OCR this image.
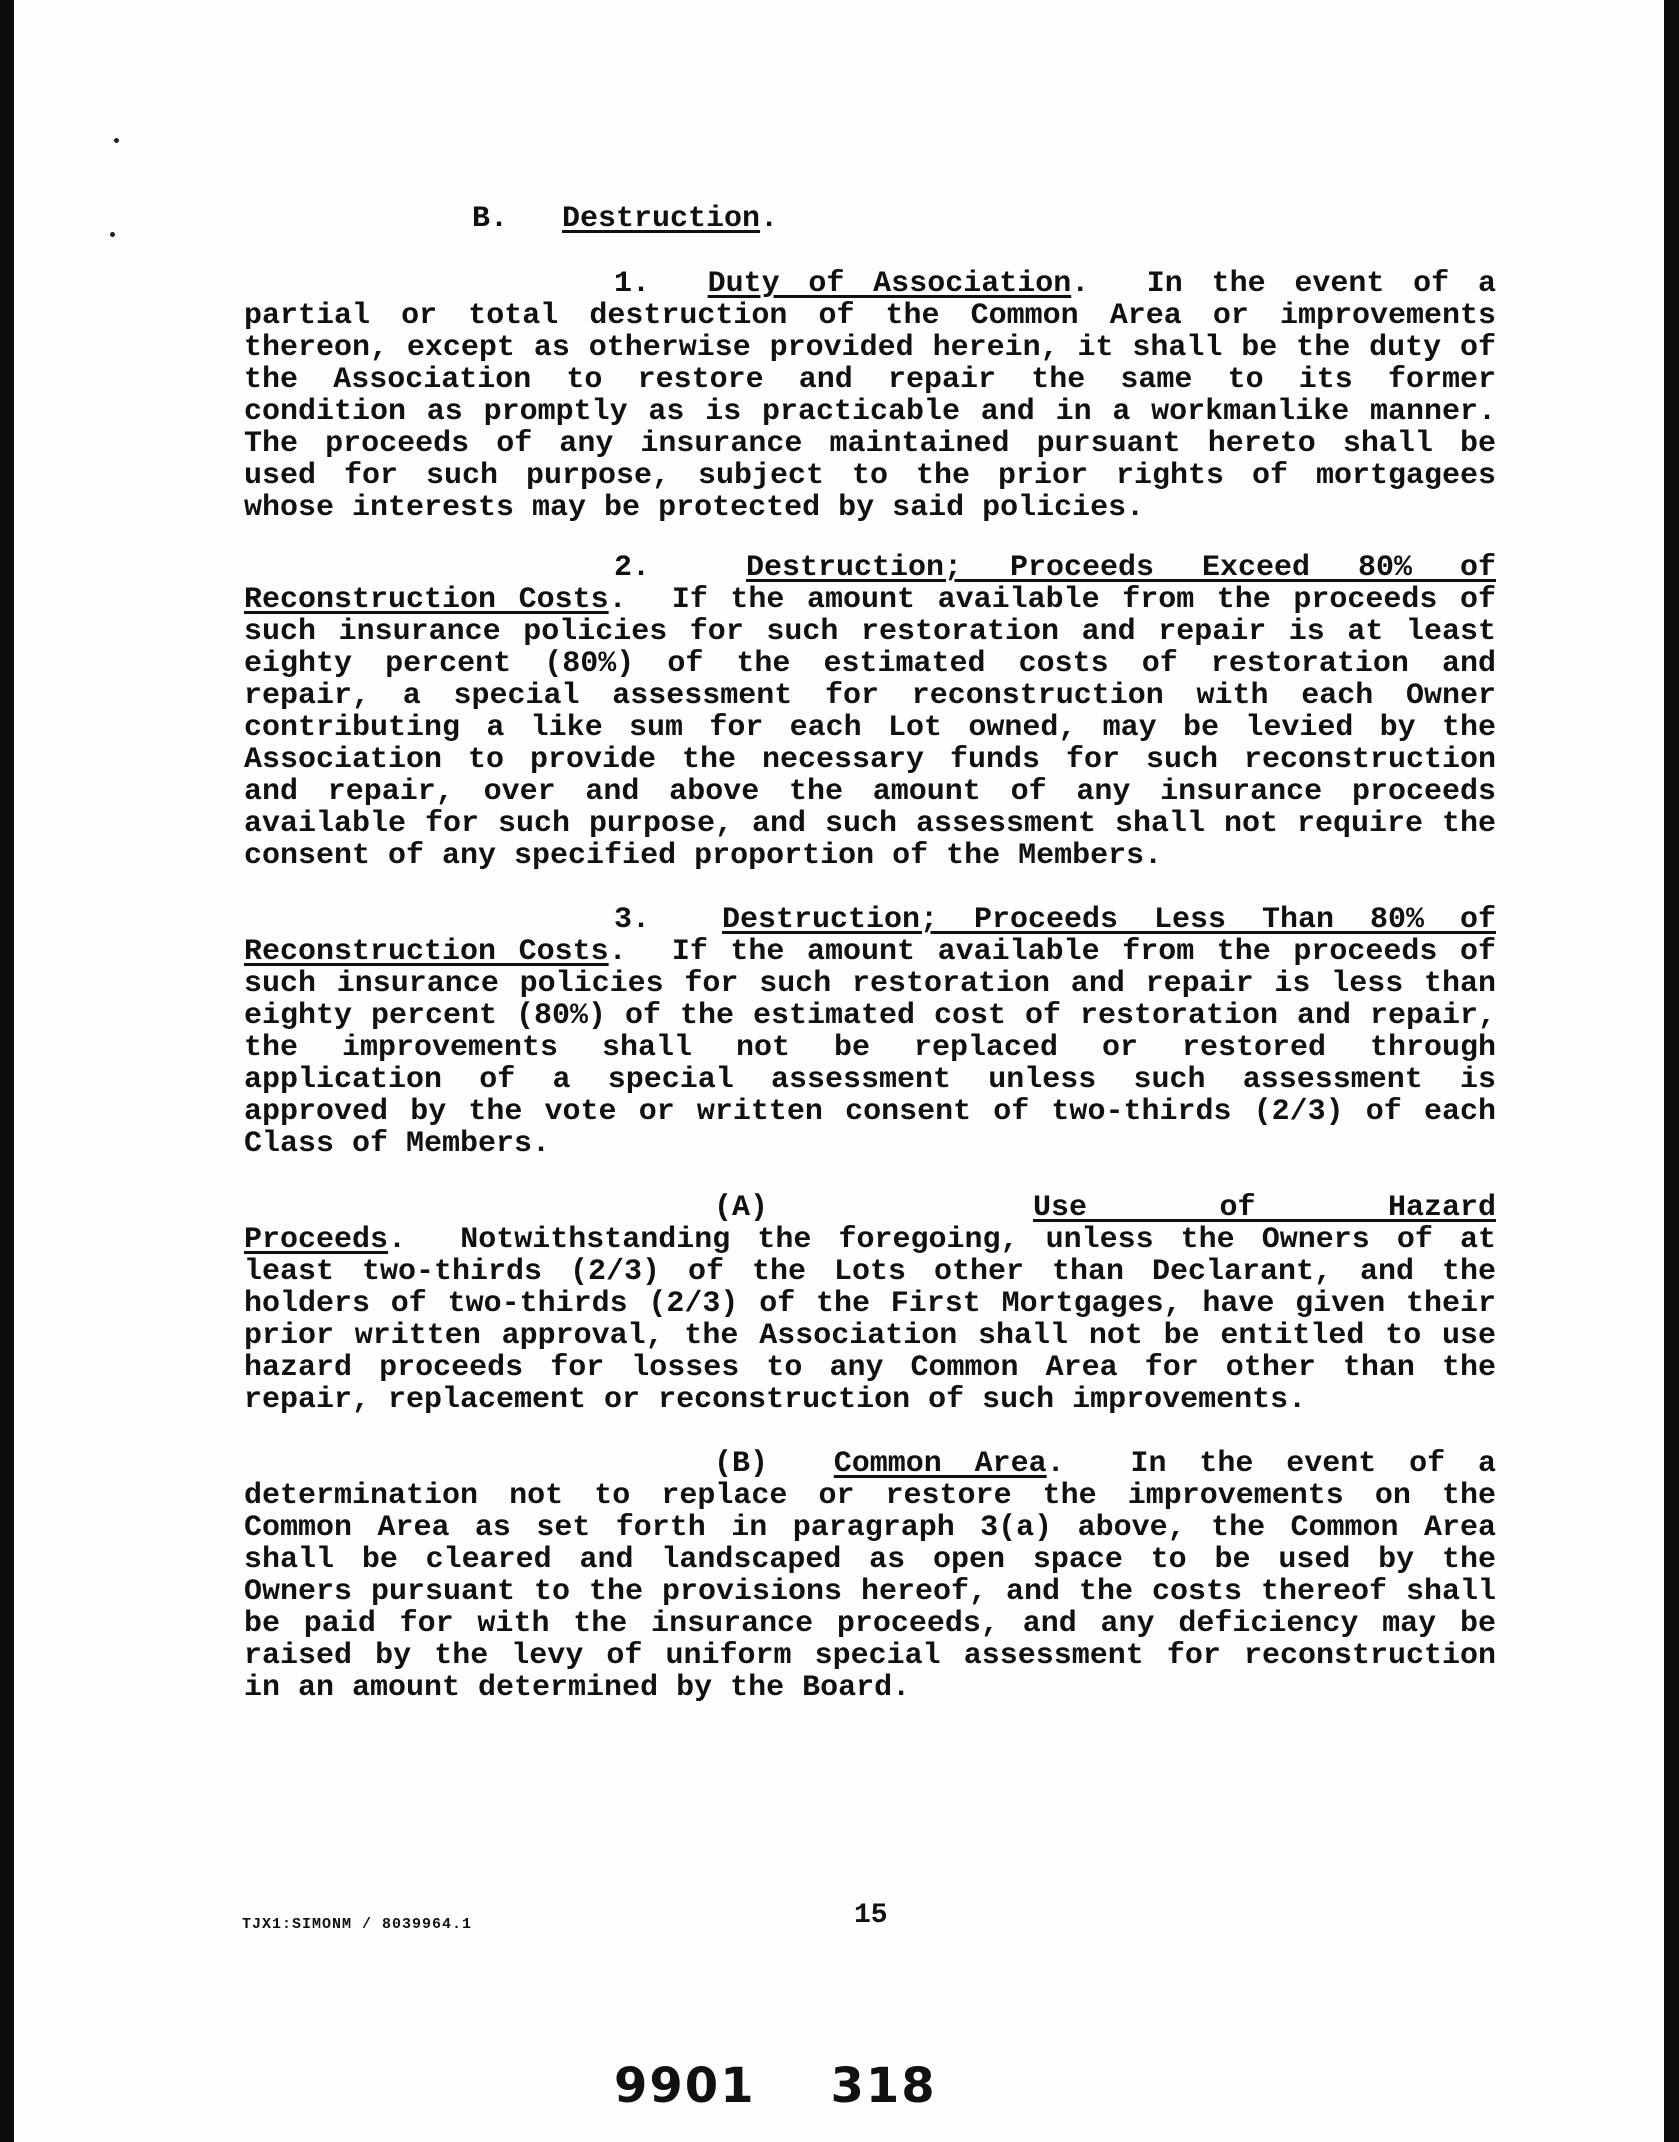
B. Destruction.

1. Duty of Association.  In the event of a partial or total destruction of the Common Area or improvements thereon, except as otherwise provided herein, it shall be the duty of the Association to restore and repair the same to its former condition as promptly as is practicable and in a workmanlike manner. The proceeds of any insurance maintained pursuant hereto shall be used for such purpose, subject to the prior rights of mortgagees whose interests may be protected by said policies.

2.	Destruction; Proceeds Exceed 80% of Reconstruction Costs.  If the amount available from the proceeds of such insurance policies for such restoration and repair is at least eighty percent (80%) of the estimated costs of restoration and repair, a special assessment for reconstruction with each Owner contributing a like sum for each Lot owned, may be levied by the Association to provide the necessary funds for such reconstruction and repair, over and above the amount of any insurance proceeds available for such purpose, and such assessment shall not require the consent of any specified proportion of the Members.

3. Destruction; Proceeds Less Than 80% of Reconstruction Costs.  If the amount available from the proceeds of such insurance policies for such restoration and repair is less than eighty percent (80%) of the estimated cost of restoration and repair, the improvements shall not be replaced or restored through application of a special assessment unless such assessment is approved by the vote or written consent of two-thirds (2/3) of each Class of Members.

(A)	Use of Hazard Proceeds.  Notwithstanding the foregoing, unless the Owners of at least two-thirds (2/3) of the Lots other than Declarant, and the holders of two-thirds (2/3) of the First Mortgages, have given their prior written approval, the Association shall not be entitled to use hazard proceeds for losses to any Common Area for other than the repair, replacement or reconstruction of such improvements.

(B) Common Area.  In the event of a determination not to replace or restore the improvements on the Common Area as set forth in paragraph 3(a) above, the Common Area shall be cleared and landscaped as open space to be used by the Owners pursuant to the provisions hereof, and the costs thereof shall be paid for with the insurance proceeds, and any deficiency may be raised by the levy of uniform special assessment for reconstruction in an amount determined by the Board.

TJX1:SIMONM / 8039964.1	15
9901 318
